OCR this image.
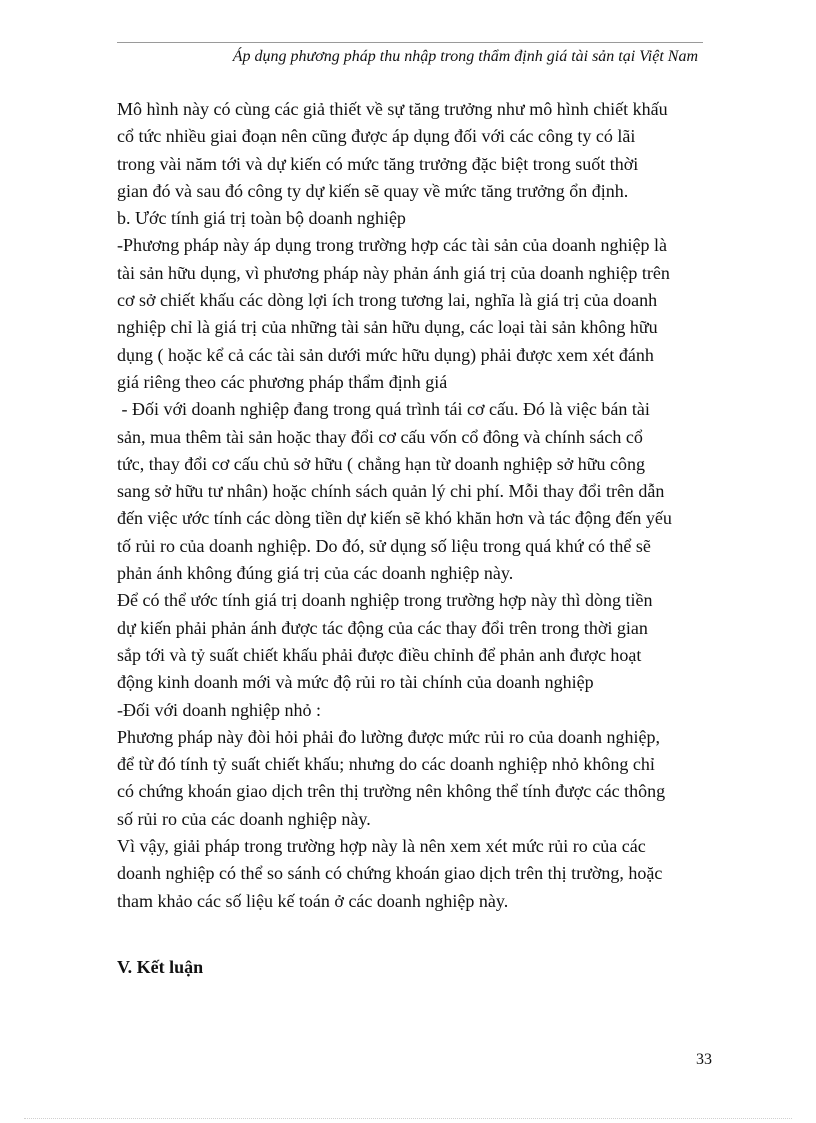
Áp dụng phương pháp thu nhập trong thẩm định giá tài sản tại Việt Nam
Mô hình này có cùng các giả thiết về sự tăng trưởng như mô hình chiết khấu
cổ tức nhiều giai đoạn nên cũng được áp dụng đối với các công ty có lãi
trong vài năm tới và dự kiến có mức tăng trưởng đặc biệt trong suốt thời
gian đó và sau đó công ty dự kiến sẽ quay về mức tăng trưởng ổn định.
b. Ước tính giá trị toàn bộ doanh nghiệp
-Phương pháp này áp dụng trong trường hợp các tài sản của doanh nghiệp là
tài sản hữu dụng, vì phương pháp này phản ánh giá trị của doanh nghiệp trên
cơ sở chiết khấu các dòng lợi ích trong tương lai, nghĩa là giá trị của doanh
nghiệp chỉ là giá trị của những tài sản hữu dụng, các loại tài sản không hữu
dụng ( hoặc kể cả các tài sản dưới mức hữu dụng) phải được xem xét đánh
giá riêng theo các phương pháp thẩm định giá
- Đối với doanh nghiệp đang trong quá trình tái cơ cấu. Đó là việc bán tài
sản, mua thêm tài sản hoặc thay đổi cơ cấu vốn cổ đông và chính sách cổ
tức, thay đổi cơ cấu chủ sở hữu ( chẳng hạn từ doanh nghiệp sở hữu công
sang sở hữu tư nhân) hoặc chính sách quản lý chi phí. Mỗi thay đổi trên dẫn
đến việc ước tính các dòng tiền dự kiến sẽ khó khăn hơn và tác động đến yếu
tố rủi ro của doanh nghiệp. Do đó, sử dụng số liệu trong quá khứ có thể sẽ
phản ánh không đúng giá trị của các doanh nghiệp này.
Để có thể ước tính giá trị doanh nghiệp trong trường hợp này thì dòng tiền
dự kiến phải phản ánh được tác động của các thay đổi trên trong thời gian
sắp tới và tỷ suất chiết khấu phải được điều chỉnh để phản anh được hoạt
động kinh doanh mới và mức độ rủi ro tài chính của doanh nghiệp
-Đối với doanh nghiệp nhỏ :
Phương pháp này đòi hỏi phải đo lường được mức rủi ro của doanh nghiệp,
để từ đó tính tỷ suất chiết khấu; nhưng do các doanh nghiệp nhỏ không chỉ
có chứng khoán giao dịch trên thị trường nên không thể tính được các thông
số rủi ro của các doanh nghiệp này.
Vì vậy, giải pháp trong trường hợp này là nên xem xét mức rủi ro của các
doanh nghiệp có thể so sánh có chứng khoán giao dịch trên thị trường, hoặc
tham khảo các số liệu kế toán ở các doanh nghiệp này.
V. Kết luận
33
